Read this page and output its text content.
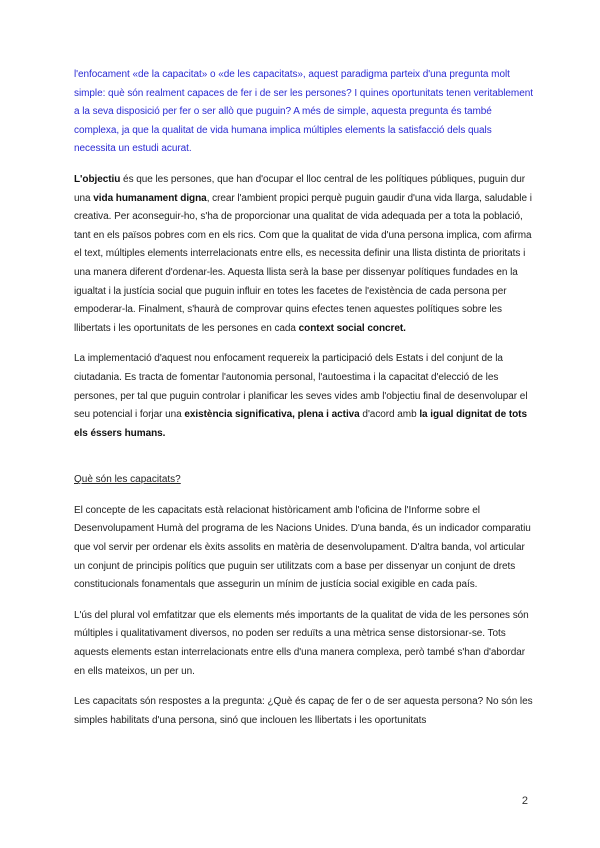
l'enfocament «de la capacitat» o «de les capacitats», aquest paradigma parteix d'una pregunta molt simple: què són realment capaces de fer i de ser les persones? I quines oportunitats tenen veritablement a la seva disposició per fer o ser allò que puguin? A més de simple, aquesta pregunta és també complexa, ja que la qualitat de vida humana implica múltiples elements la satisfacció dels quals necessita un estudi acurat.

L'objectiu és que les persones, que han d'ocupar el lloc central de les polítiques públiques, puguin dur una vida humanament digna, crear l'ambient propici perquè puguin gaudir d'una vida llarga, saludable i creativa. Per aconseguir-ho, s'ha de proporcionar una qualitat de vida adequada per a tota la població, tant en els països pobres com en els rics. Com que la qualitat de vida d'una persona implica, com afirma el text, múltiples elements interrelacionats entre ells, es necessita definir una llista distinta de prioritats i una manera diferent d'ordenar-les. Aquesta llista serà la base per dissenyar polítiques fundades en la igualtat i la justícia social que puguin influir en totes les facetes de l'existència de cada persona per empoderar-la. Finalment, s'haurà de comprovar quins efectes tenen aquestes polítiques sobre les llibertats i les oportunitats de les persones en cada context social concret.

La implementació d'aquest nou enfocament requereix la participació dels Estats i del conjunt de la ciutadania. Es tracta de fomentar l'autonomia personal, l'autoestima i la capacitat d'elecció de les persones, per tal que puguin controlar i planificar les seves vides amb l'objectiu final de desenvolupar el seu potencial i forjar una existència significativa, plena i activa d'acord amb la igual dignitat de tots els éssers humans.

Què són les capacitats?

El concepte de les capacitats està relacionat històricament amb l'oficina de l'Informe sobre el Desenvolupament Humà del programa de les Nacions Unides. D'una banda, és un indicador comparatiu que vol servir per ordenar els èxits assolits en matèria de desenvolupament. D'altra banda, vol articular un conjunt de principis polítics que puguin ser utilitzats com a base per dissenyar un conjunt de drets constitucionals fonamentals que assegurin un mínim de justícia social exigible en cada país.

L'ús del plural vol emfatitzar que els elements més importants de la qualitat de vida de les persones són múltiples i qualitativament diversos, no poden ser reduïts a una mètrica sense distorsionar-se. Tots aquests elements estan interrelacionats entre ells d'una manera complexa, però també s'han d'abordar en ells mateixos, un per un.

Les capacitats són respostes a la pregunta: ¿Què és capaç de fer o de ser aquesta persona? No són les simples habilitats d'una persona, sinó que inclouen les llibertats i les oportunitats

2
